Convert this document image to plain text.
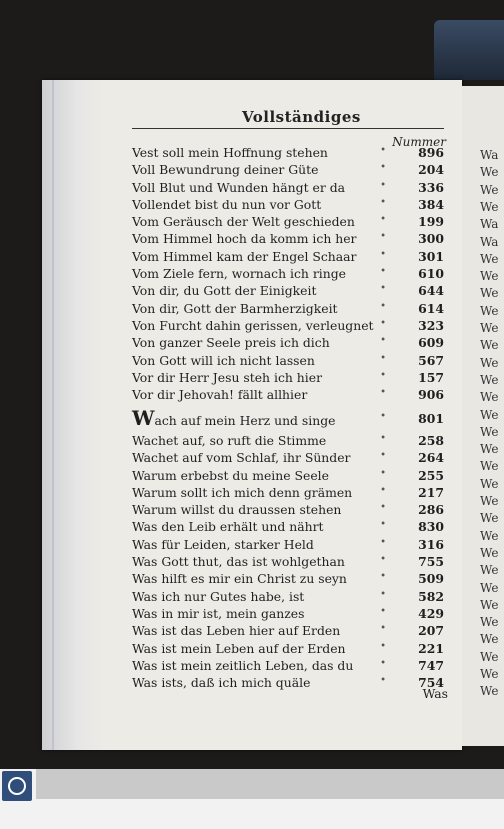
Wa
We
We
We
Wa
Wa
We
We
We
We
We
We
We
We
We
We
We
We
We
We
We
We
We
We
We
We
We
We
We
We
We
We
Vollständiges
Nummer
Vest soll mein Hoffnung stehen	•	896
Voll Bewundrung deiner Güte	•	204
Voll Blut und Wunden hängt er da	•	336
Vollendet bist du nun vor Gott	•	384
Vom Geräusch der Welt geschieden	•	199
Vom Himmel hoch da komm ich her •	300
Vom Himmel kam der Engel Schaar •	301
Vom Ziele fern, wornach ich ringe	•	610
Von dir, du Gott der Einigkeit	•	644
Von dir, Gott der Barmherzigkeit	•	614
Von Furcht dahin gerissen, verleugnet •	323
Von ganzer Seele preis ich dich	•	609
Von Gott will ich nicht lassen	•	567
Vor dir Herr Jesu steh ich hier	•	157
Vor dir Jehovah! fällt allhier	•	906
Wach auf mein Herz und singe	•	801
Wachet auf, so ruft die Stimme	•	258
Wachet auf vom Schlaf, ihr Sünder	•	264
Warum erbebst du meine Seele	•	255
Warum sollt ich mich denn grämen	•	217
Warum willst du draussen stehen	•	286
Was den Leib erhält und nährt	•	830
Was für Leiden, starker Held	•	316
Was Gott thut, das ist wohlgethan	•	755
Was hilft es mir ein Christ zu seyn	•	509
Was ich nur Gutes habe, ist	•	582
Was in mir ist, mein ganzes	•	429
Was ist das Leben hier auf Erden	•	207
Was ist mein Leben auf der Erden	•	221
Was ist mein zeitlich Leben, das du	•	747
Was ists, daß ich mich quäle	•	754
Was
